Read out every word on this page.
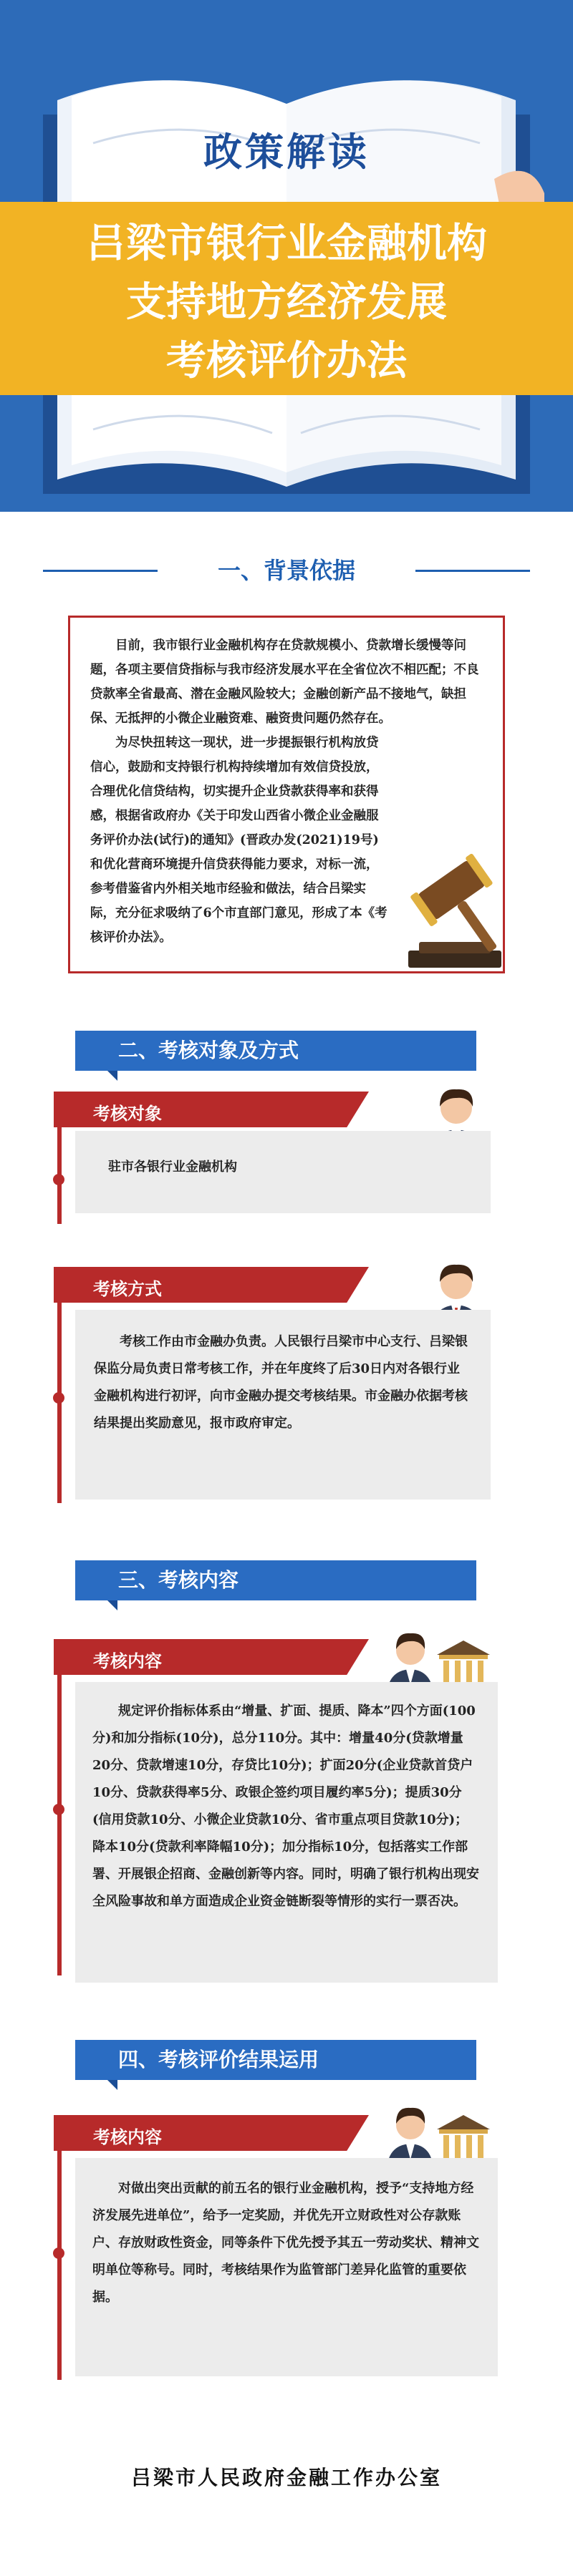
政策解读
吕梁市银行业金融机构
支持地方经济发展
考核评价办法
一、背景依据

目前，我市银行业金融机构存在贷款规模小、贷款增长缓慢等问题，各项主要信贷指标与我市经济发展水平在全省位次不相匹配；不良贷款率全省最高、潜在金融风险较大；金融创新产品不接地气，缺担保、无抵押的小微企业融资难、融资贵问题仍然存在。

为尽快扭转这一现状，进一步提振银行机构放贷信心，鼓励和支持银行机构持续增加有效信贷投放，合理优化信贷结构，切实提升企业贷款获得率和获得感，根据省政府办《关于印发山西省小微企业金融服务评价办法(试行)的通知》(晋政办发(2021)19号)和优化营商环境提升信贷获得能力要求，对标一流，参考借鉴省内外相关地市经验和做法，结合吕梁实际，充分征求吸纳了6个市直部门意见，形成了本《考核评价办法》。

二、考核对象及方式
考核对象
驻市各银行业金融机构
考核方式
考核工作由市金融办负责。人民银行吕梁市中心支行、吕梁银保监分局负责日常考核工作，并在年度终了后30日内对各银行业金融机构进行初评，向市金融办提交考核结果。市金融办依据考核结果提出奖励意见，报市政府审定。
三、考核内容
考核内容
规定评价指标体系由“增量、扩面、提质、降本”四个方面(100分)和加分指标(10分)，总分110分。其中：增量40分(贷款增量20分、贷款增速10分，存贷比10分)；扩面20分(企业贷款首贷户10分、贷款获得率5分、政银企签约项目履约率5分)；提质30分(信用贷款10分、小微企业贷款10分、省市重点项目贷款10分)；降本10分(贷款利率降幅10分)；加分指标10分，包括落实工作部署、开展银企招商、金融创新等内容。同时，明确了银行机构出现安全风险事故和单方面造成企业资金链断裂等情形的实行一票否决。
四、考核评价结果运用
考核内容
对做出突出贡献的前五名的银行业金融机构，授予“支持地方经济发展先进单位”，给予一定奖励，并优先开立财政性对公存款账户、存放财政性资金，同等条件下优先授予其五一劳动奖状、精神文明单位等称号。同时，考核结果作为监管部门差异化监管的重要依据。
吕梁市人民政府金融工作办公室
